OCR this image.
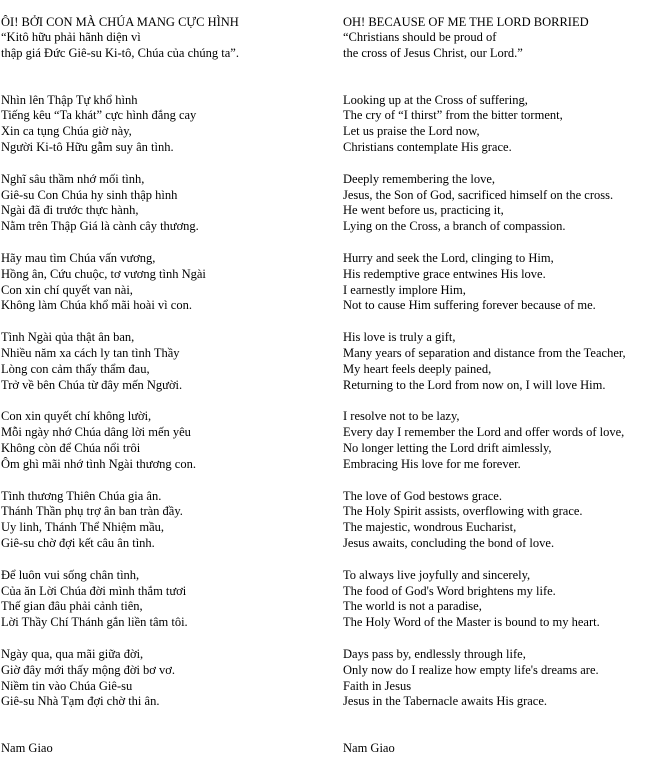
ÔI! BỞI CON MÀ CHÚA MANG CỰC HÌNH
“Kitô hữu phải hãnh diện vì
thập giá Đức Giê-su Ki-tô, Chúa của chúng ta”.
Nhìn lên Thập Tự khổ hình
Tiếng kêu “Ta khát” cực hình đắng cay
Xin ca tụng Chúa giờ này,
Người Ki-tô Hữu gẫm suy ân tình.
Nghĩ sâu thầm nhớ mối tình,
Giê-su Con Chúa hy sinh thập hình
Ngài đã đi trước thực hành,
Nằm trên Thập Giá là cành cây thương.
Hãy mau tìm Chúa vấn vương,
Hồng ân, Cứu chuộc, tơ vương tình Ngài
Con xin chí quyết van nài,
Không làm Chúa khổ mãi hoài vì con.
Tình Ngài qủa thật ân ban,
Nhiều năm xa cách ly tan tình Thầy
Lòng con cảm thấy thẩm đau,
Trở về bên Chúa từ đây mến Người.
Con xin quyết chí không lười,
Mỗi ngày nhớ Chúa dâng lời mến yêu
Không còn để Chúa nổi trôi
Ôm ghì mãi nhớ tình Ngài thương con.
Tình thương Thiên Chúa gia ân.
Thánh Thần phụ trợ ân ban tràn đầy.
Uy linh, Thánh Thể Nhiệm mầu,
Giê-su chờ đợi kết câu ân tình.
Để luôn vui sống chân tình,
Của ăn Lời Chúa đời mình thắm tươi
Thế gian đâu phải cảnh tiên,
Lời Thầy Chí Thánh gắn liền tâm tôi.
Ngày qua, qua mãi giữa đời,
Giờ đây mới thấy mộng đời bơ vơ.
Niềm tin vào Chúa Giê-su
Giê-su Nhà Tạm đợi chờ thi ân.
Nam Giao
OH! BECAUSE OF ME THE LORD BORRIED
“Christians should be proud of
the cross of Jesus Christ, our Lord.”
Looking up at the Cross of suffering,
The cry of “I thirst” from the bitter torment,
Let us praise the Lord now,
Christians contemplate His grace.
Deeply remembering the love,
Jesus, the Son of God, sacrificed himself on the cross.
He went before us, practicing it,
Lying on the Cross, a branch of compassion.
Hurry and seek the Lord, clinging to Him,
His redemptive grace entwines His love.
I earnestly implore Him,
Not to cause Him suffering forever because of me.
His love is truly a gift,
Many years of separation and distance from the Teacher,
My heart feels deeply pained,
Returning to the Lord from now on, I will love Him.
I resolve not to be lazy,
Every day I remember the Lord and offer words of love,
No longer letting the Lord drift aimlessly,
Embracing His love for me forever.
The love of God bestows grace.
The Holy Spirit assists, overflowing with grace.
The majestic, wondrous Eucharist,
Jesus awaits, concluding the bond of love.
To always live joyfully and sincerely,
The food of God's Word brightens my life.
The world is not a paradise,
The Holy Word of the Master is bound to my heart.
Days pass by, endlessly through life,
Only now do I realize how empty life's dreams are.
Faith in Jesus
Jesus in the Tabernacle awaits His grace.
Nam Giao
